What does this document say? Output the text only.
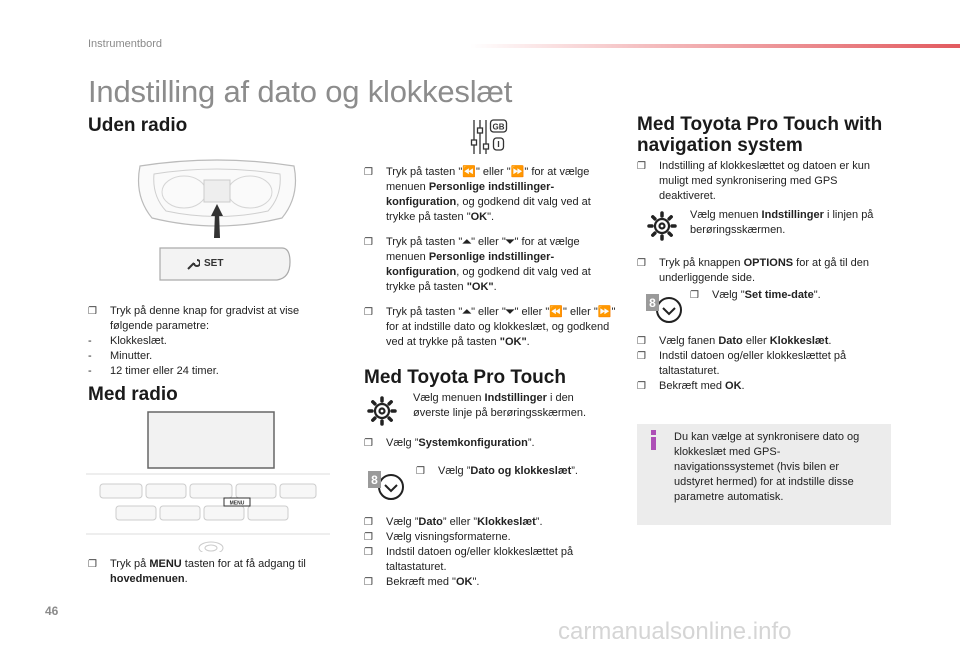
Instrumentbord
Indstilling af dato og klokkeslæt
Uden radio	GB
SET
❐ Tryk på denne knap for gradvist at vise følgende parametre:
- Klokkeslæt.
- Minutter.
- 12 timer eller 24 timer.
Med radio
MENU
❐ Tryk på MENU tasten for at få adgang til hovedmenuen.
❐ Tryk på tasten "⏪" eller "⏩" for at vælge menuen Personlige indstillinger-konfiguration, og godkend dit valg ved at trykke på tasten "OK".
❐ Tryk på tasten "⏶" eller "⏷" for at vælge menuen Personlige indstillinger-konfiguration, og godkend dit valg ved at trykke på tasten "OK".
❐ Tryk på tasten "⏶" eller "⏷" eller "⏪" eller "⏩" for at indstille dato og klokkeslæt, og godkend ved at trykke på tasten "OK".
Med Toyota Pro Touch
Vælg menuen Indstillinger i den øverste linje på berøringsskærmen.
❐ Vælg ”Systemkonfiguration”.
8
❐ Vælg ”Dato og klokkeslæt”.
❐ Vælg ”Dato” eller ”Klokkeslæt”.
❐ Vælg visningsformaterne.
❐ Indstil datoen og/eller klokkeslættet på taltastaturet.
❐ Bekræft med "OK".
Med Toyota Pro Touch with
navigation system
❐ Indstilling af klokkeslættet og datoen er kun muligt med synkronisering med GPS deaktiveret.
Vælg menuen Indstillinger i linjen på berøringsskærmen.
❐ Tryk på knappen OPTIONS for at gå til den underliggende side.
8
❐ Vælg "Set time-date".
❐ Vælg fanen Dato eller Klokkeslæt.
❐ Indstil datoen og/eller klokkeslættet på taltastaturet.
❐ Bekræft med OK.
Du kan vælge at synkronisere dato og klokkeslæt med GPS-navigationssystemet (hvis bilen er udstyret hermed) for at indstille disse parametre automatisk.
46
carmanualsonline.info
